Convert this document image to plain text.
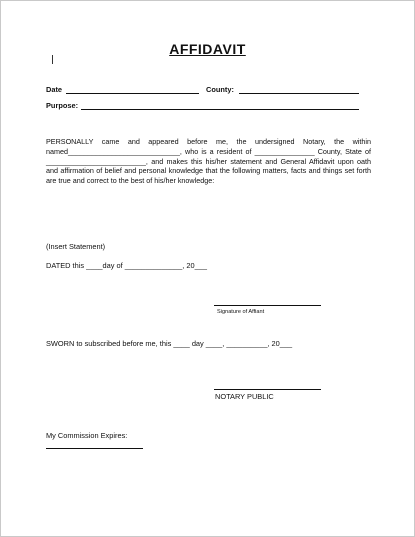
AFFIDAVIT
Date	County:
Purpose:
PERSONALLY came and appeared before me, the undersigned Notary, the within named____________________________, who is a resident of _______________ County, State of _________________________, and makes this his/her statement and General Affidavit upon oath and affirmation of belief and personal knowledge that the following matters, facts and things set forth are true and correct to the best of his/her knowledge:
(Insert Statement)
DATED this ____day of ______________, 20___
Signature of Affiant
SWORN to subscribed before me, this ____ day ____, __________, 20___
NOTARY PUBLIC
My Commission Expires:
